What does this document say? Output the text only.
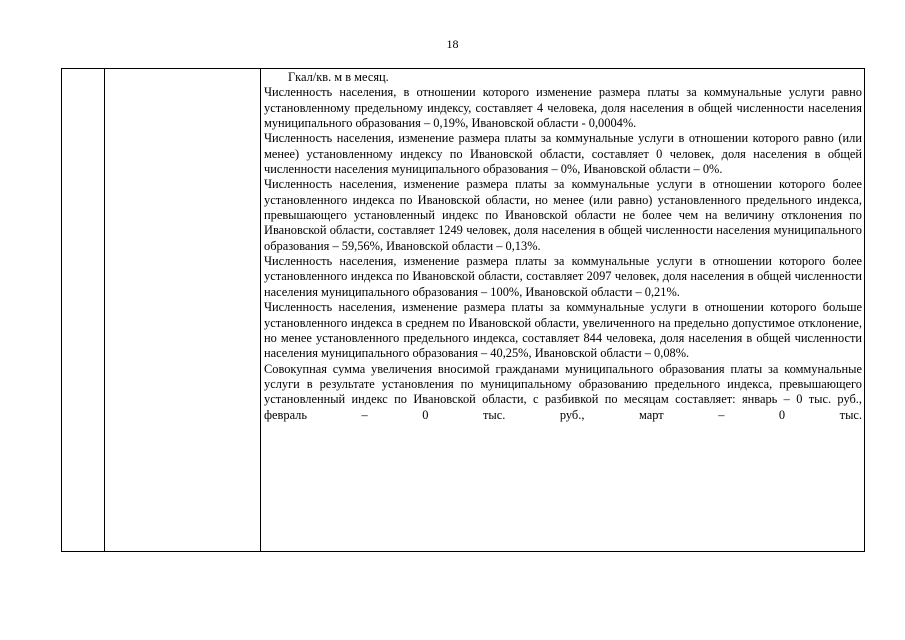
18

Гкал/кв. м в месяц.

Численность населения, в отношении которого изменение размера платы за коммунальные услуги равно установленному предельному индексу, составляет 4 человека, доля населения в общей численности населения муниципального образования – 0,19%, Ивановской области - 0,0004%.

Численность населения, изменение размера платы за коммунальные услуги в отношении которого равно (или менее) установленному индексу по Ивановской области, составляет 0 человек, доля населения в общей численности населения муниципального образования – 0%, Ивановской области – 0%.

Численность населения, изменение размера платы за коммунальные услуги в отношении которого более установленного индекса по Ивановской области, но менее (или равно) установленного предельного индекса, превышающего установленный индекс по Ивановской области не более чем на величину отклонения по Ивановской области, составляет 1249 человек, доля населения в общей численности населения муниципального образования – 59,56%, Ивановской области – 0,13%.

Численность населения, изменение размера платы за коммунальные услуги в отношении которого более установленного индекса по Ивановской области, составляет 2097 человек, доля населения в общей численности населения муниципального образования – 100%, Ивановской области – 0,21%.

Численность населения, изменение размера платы за коммунальные услуги в отношении которого больше установленного индекса в среднем по Ивановской области, увеличенного на предельно допустимое отклонение, но менее установленного предельного индекса, составляет 844 человека, доля населения в общей численности населения муниципального образования – 40,25%, Ивановской области – 0,08%.

Совокупная сумма увеличения вносимой гражданами муниципального образования платы за коммунальные услуги в результате установления по муниципальному образованию предельного индекса, превышающего установленный индекс по Ивановской области, с разбивкой по месяцам составляет: январь – 0 тыс. руб., февраль – 0 тыс. руб., март – 0 тыс.
